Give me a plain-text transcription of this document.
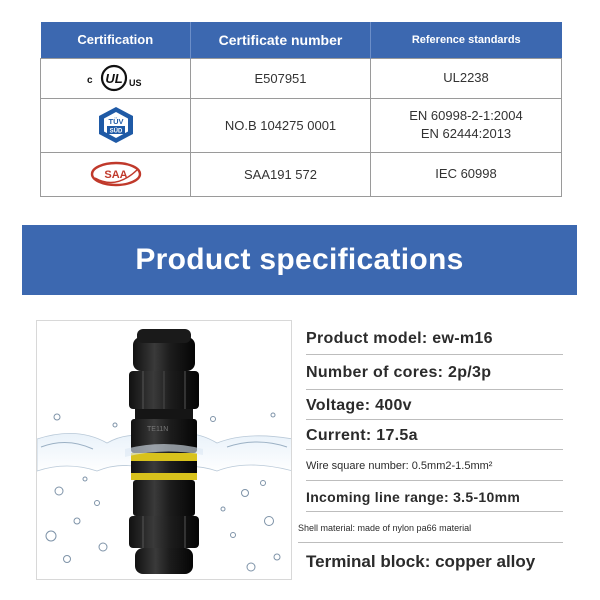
Certification	Certificate number	Reference standards

c UL US	E507951	UL2238

TÜV
SÜD	NO.B 104275 0001	EN 60998-2-1:2004
EN 62444:2013

SAA	SAA191 572	IEC 60998
Product specifications
TE11N
Product model: ew-m16
Number of cores: 2p/3p
Voltage: 400v
Current: 17.5a
Wire square number: 0.5mm2-1.5mm²
Incoming line range: 3.5-10mm
Shell material: made of nylon pa66 material
Terminal block: copper alloy
